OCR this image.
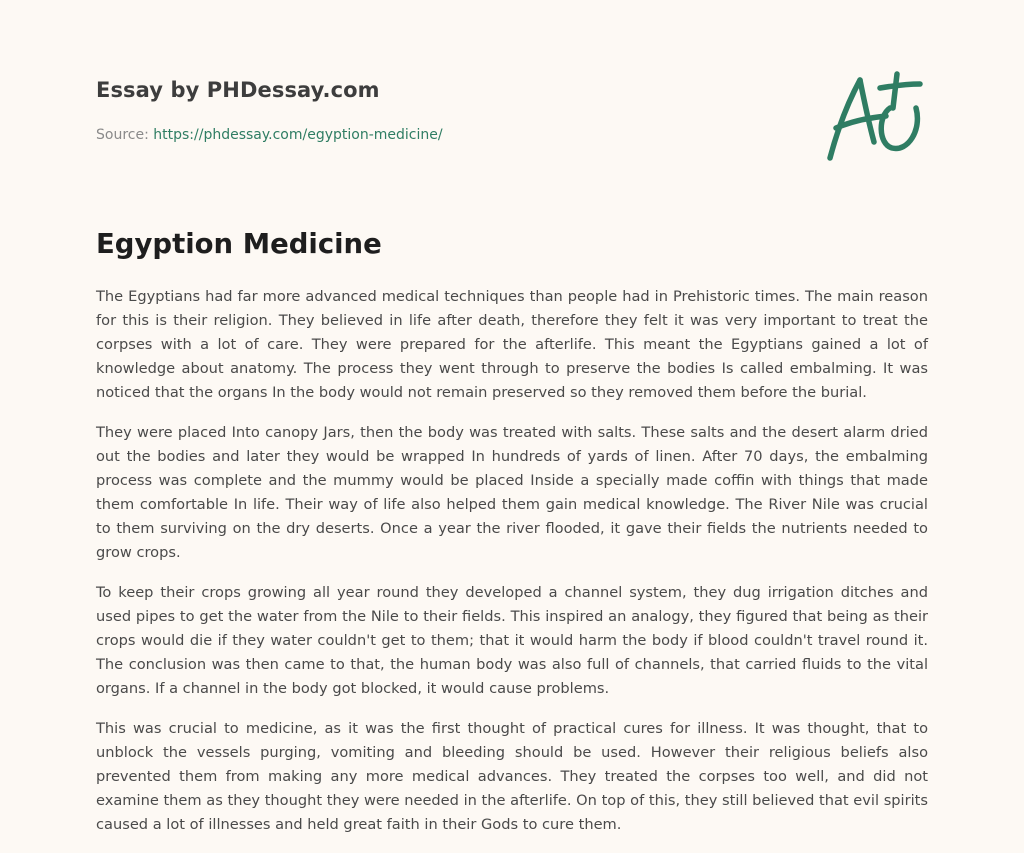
Essay by PHDessay.com
Source: https://phdessay.com/egyption-medicine/
Egyption Medicine

The Egyptians had far more advanced medical techniques than people had in Prehistoric times. The main reason for this is their religion. They believed in life after death, therefore they felt it was very important to treat the corpses with a lot of care. They were prepared for the afterlife. This meant the Egyptians gained a lot of knowledge about anatomy. The process they went through to preserve the bodies Is called embalming. It was noticed that the organs In the body would not remain preserved so they removed them before the burial.

They were placed Into canopy Jars, then the body was treated with salts. These salts and the desert alarm dried out the bodies and later they would be wrapped In hundreds of yards of linen. After 70 days, the embalming process was complete and the mummy would be placed Inside a specially made coffin with things that made them comfortable In life. Their way of life also helped them gain medical knowledge. The River Nile was crucial to them surviving on the dry deserts. Once a year the river flooded, it gave their fields the nutrients needed to grow crops.

To keep their crops growing all year round they developed a channel system, they dug irrigation ditches and used pipes to get the water from the Nile to their fields. This inspired an analogy, they figured that being as their crops would die if they water couldn't get to them; that it would harm the body if blood couldn't travel round it. The conclusion was then came to that, the human body was also full of channels, that carried fluids to the vital organs. If a channel in the body got blocked, it would cause problems.

This was crucial to medicine, as it was the first thought of practical cures for illness. It was thought, that to unblock the vessels purging, vomiting and bleeding should be used. However their religious beliefs also prevented them from making any more medical advances. They treated the corpses too well, and did not examine them as they thought they were needed in the afterlife. On top of this, they still believed that evil spirits caused a lot of illnesses and held great faith in their Gods to cure them.
